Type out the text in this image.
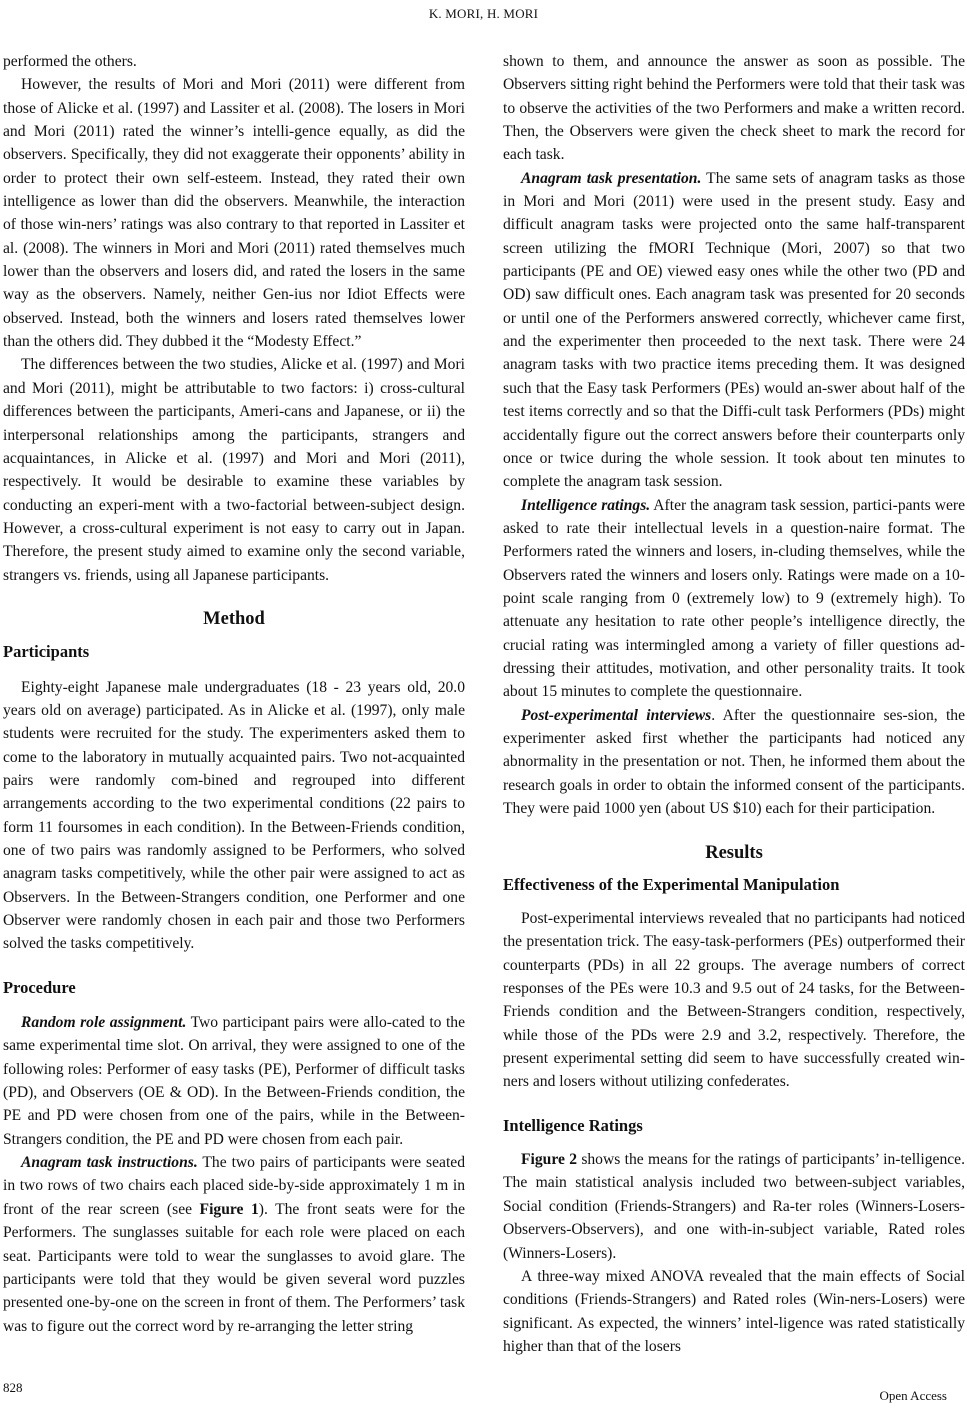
K. MORI, H. MORI

performed the others.

However, the results of Mori and Mori (2011) were different from those of Alicke et al. (1997) and Lassiter et al. (2008). The losers in Mori and Mori (2011) rated the winner’s intelli-gence equally, as did the observers. Specifically, they did not exaggerate their opponents’ ability in order to protect their own self-esteem. Instead, they rated their own intelligence as lower than did the observers. Meanwhile, the interaction of those win-ners’ ratings was also contrary to that reported in Lassiter et al. (2008). The winners in Mori and Mori (2011) rated themselves much lower than the observers and losers did, and rated the losers in the same way as the observers. Namely, neither Gen-ius nor Idiot Effects were observed. Instead, both the winners and losers rated themselves lower than the others did. They dubbed it the “Modesty Effect.”

The differences between the two studies, Alicke et al. (1997) and Mori and Mori (2011), might be attributable to two factors: i) cross-cultural differences between the participants, Ameri-cans and Japanese, or ii) the interpersonal relationships among the participants, strangers and acquaintances, in Alicke et al. (1997) and Mori and Mori (2011), respectively. It would be desirable to examine these variables by conducting an experi-ment with a two-factorial between-subject design. However, a cross-cultural experiment is not easy to carry out in Japan. Therefore, the present study aimed to examine only the second variable, strangers vs. friends, using all Japanese participants.

Method
Participants

Eighty-eight Japanese male undergraduates (18 - 23 years old, 20.0 years old on average) participated. As in Alicke et al. (1997), only male students were recruited for the study. The experimenters asked them to come to the laboratory in mutually acquainted pairs. Two not-acquainted pairs were randomly com-bined and regrouped into different arrangements according to the two experimental conditions (22 pairs to form 11 foursomes in each condition). In the Between-Friends condition, one of two pairs was randomly assigned to be Performers, who solved anagram tasks competitively, while the other pair were assigned to act as Observers. In the Between-Strangers condition, one Performer and one Observer were randomly chosen in each pair and those two Performers solved the tasks competitively.

Procedure

Random role assignment. Two participant pairs were allo-cated to the same experimental time slot. On arrival, they were assigned to one of the following roles: Performer of easy tasks (PE), Performer of difficult tasks (PD), and Observers (OE & OD). In the Between-Friends condition, the PE and PD were chosen from one of the pairs, while in the Between-Strangers condition, the PE and PD were chosen from each pair.

Anagram task instructions. The two pairs of participants were seated in two rows of two chairs each placed side-by-side approximately 1 m in front of the rear screen (see Figure 1). The front seats were for the Performers. The sunglasses suitable for each role were placed on each seat. Participants were told to wear the sunglasses to avoid glare. The participants were told that they would be given several word puzzles presented one-by-one on the screen in front of them. The Performers’ task was to figure out the correct word by re-arranging the letter string

shown to them, and announce the answer as soon as possible. The Observers sitting right behind the Performers were told that their task was to observe the activities of the two Performers and make a written record. Then, the Observers were given the check sheet to mark the record for each task.

Anagram task presentation. The same sets of anagram tasks as those in Mori and Mori (2011) were used in the present study. Easy and difficult anagram tasks were projected onto the same half-transparent screen utilizing the fMORI Technique (Mori, 2007) so that two participants (PE and OE) viewed easy ones while the other two (PD and OD) saw difficult ones. Each anagram task was presented for 20 seconds or until one of the Performers answered correctly, whichever came first, and the experimenter then proceeded to the next task. There were 24 anagram tasks with two practice items preceding them. It was designed such that the Easy task Performers (PEs) would an-swer about half of the test items correctly and so that the Diffi-cult task Performers (PDs) might accidentally figure out the correct answers before their counterparts only once or twice during the whole session. It took about ten minutes to complete the anagram task session.

Intelligence ratings. After the anagram task session, partici-pants were asked to rate their intellectual levels in a question-naire format. The Performers rated the winners and losers, in-cluding themselves, while the Observers rated the winners and losers only. Ratings were made on a 10-point scale ranging from 0 (extremely low) to 9 (extremely high). To attenuate any hesitation to rate other people’s intelligence directly, the crucial rating was intermingled among a variety of filler questions ad-dressing their attitudes, motivation, and other personality traits. It took about 15 minutes to complete the questionnaire.

Post-experimental interviews. After the questionnaire ses-sion, the experimenter asked first whether the participants had noticed any abnormality in the presentation or not. Then, he informed them about the research goals in order to obtain the informed consent of the participants. They were paid 1000 yen (about US $10) each for their participation.

Results
Effectiveness of the Experimental Manipulation

Post-experimental interviews revealed that no participants had noticed the presentation trick. The easy-task-performers (PEs) outperformed their counterparts (PDs) in all 22 groups. The average numbers of correct responses of the PEs were 10.3 and 9.5 out of 24 tasks, for the Between-Friends condition and the Between-Strangers condition, respectively, while those of the PDs were 2.9 and 3.2, respectively. Therefore, the present experimental setting did seem to have successfully created win-ners and losers without utilizing confederates.

Intelligence Ratings

Figure 2 shows the means for the ratings of participants’ in-telligence. The main statistical analysis included two between-subject variables, Social condition (Friends-Strangers) and Ra-ter roles (Winners-Losers-Observers-Observers), and one with-in-subject variable, Rated roles (Winners-Losers).

A three-way mixed ANOVA revealed that the main effects of Social conditions (Friends-Strangers) and Rated roles (Win-ners-Losers) were significant. As expected, the winners’ intel-ligence was rated statistically higher than that of the losers

828
Open Access
